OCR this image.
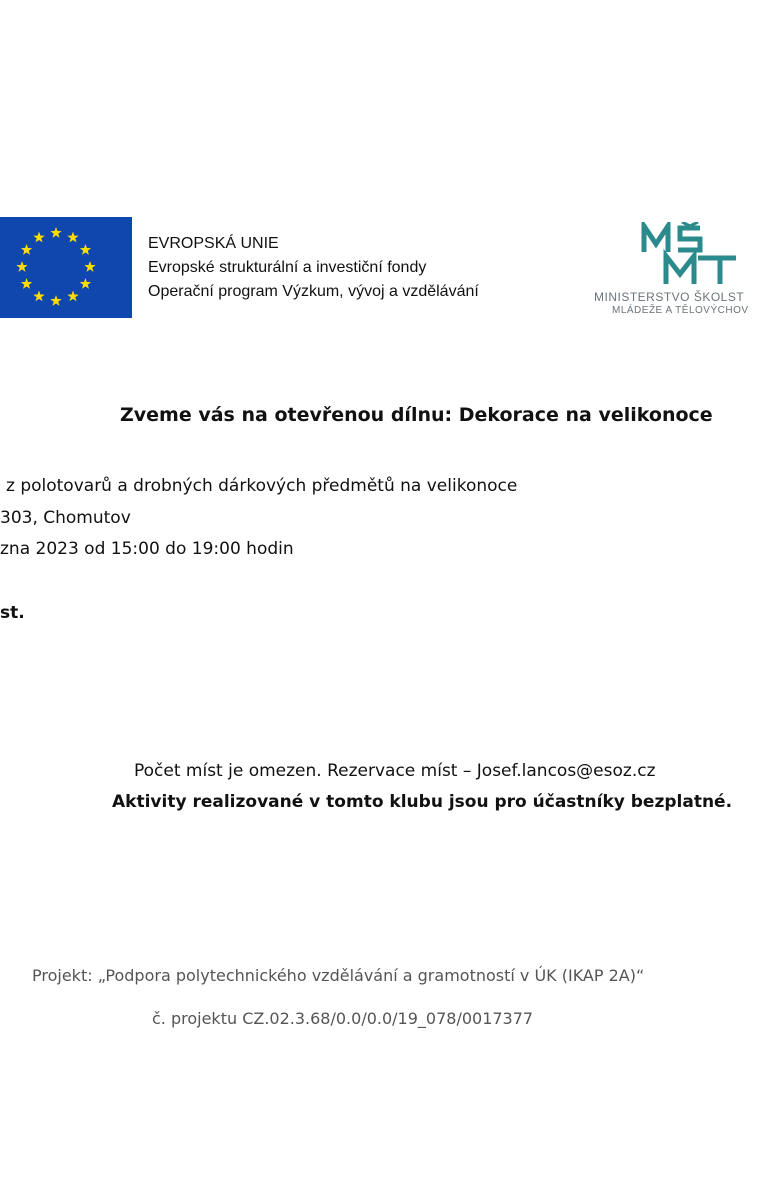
EVROPSKÁ UNIE
Evropské strukturální a investiční fondy
Operační program Výzkum, vývoj a vzdělávání	MINISTERSTVO ŠKOLST
MLÁDEŽE A TĚLOVÝCHOV
Zveme vás na otevřenou dílnu: Dekorace na velikonoce
z polotovarů a drobných dárkových předmětů na velikonoce
303, Chomutov
zna 2023 od 15:00 do 19:00 hodin
st.
Počet míst je omezen. Rezervace míst – Josef.lancos@esoz.cz
Aktivity realizované v tomto klubu jsou pro účastníky bezplatné.
Projekt: „Podpora polytechnického vzdělávání a gramotností v ÚK (IKAP 2A)“
č. projektu CZ.02.3.68/0.0/0.0/19_078/0017377
